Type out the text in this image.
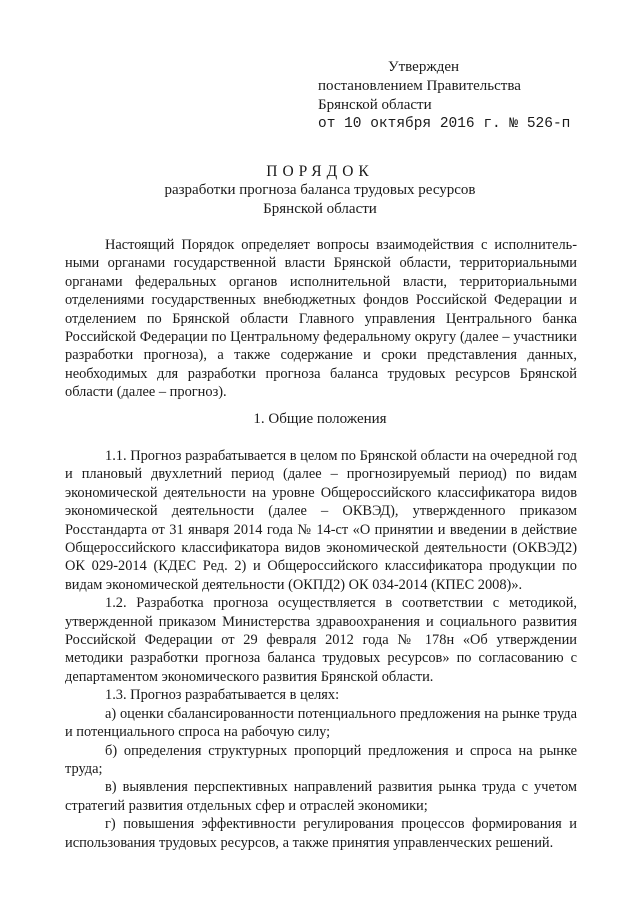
Утвержден
постановлением Правительства
Брянской области
от 10 октября 2016 г. № 526-п
ПОРЯДОК
разработки прогноза баланса трудовых ресурсов
Брянской области

Настоящий Порядок определяет вопросы взаимодействия с исполнительными органами государственной власти Брянской области, территориальными органами федеральных органов исполнительной власти, территориальными отделениями государственных внебюджетных фондов Российской Федерации и отделением по Брянской области Главного управления Центрального банка Российской Федерации по Центральному федеральному округу (далее – участники разработки прогноза), а также содержание и сроки представления данных, необходимых для разработки прогноза баланса трудовых ресурсов Брянской области (далее – прогноз).

1. Общие положения

1.1. Прогноз разрабатывается в целом по Брянской области на очередной год и плановый двухлетний период (далее – прогнозируемый период) по видам экономической деятельности на уровне Общероссийского классификатора видов экономической деятельности (далее – ОКВЭД), утвержденного приказом Росстандарта от 31 января 2014 года № 14-ст «О принятии и введении в действие Общероссийского классификатора видов экономической деятельности (ОКВЭД2) ОК 029-2014 (КДЕС Ред. 2) и Общероссийского классификатора продукции по видам экономической деятельности (ОКПД2) ОК 034-2014 (КПЕС 2008)».

1.2. Разработка прогноза осуществляется в соответствии с методикой, утвержденной приказом Министерства здравоохранения и социального развития Российской Федерации от 29 февраля 2012 года № 178н «Об утверждении методики разработки прогноза баланса трудовых ресурсов» по согласованию с департаментом экономического развития Брянской области.

1.3. Прогноз разрабатывается в целях:

а) оценки сбалансированности потенциального предложения на рынке труда и потенциального спроса на рабочую силу;

б) определения структурных пропорций предложения и спроса на рынке труда;

в) выявления перспективных направлений развития рынка труда с учетом стратегий развития отдельных сфер и отраслей экономики;

г) повышения эффективности регулирования процессов формирования и использования трудовых ресурсов, а также принятия управленческих решений.
